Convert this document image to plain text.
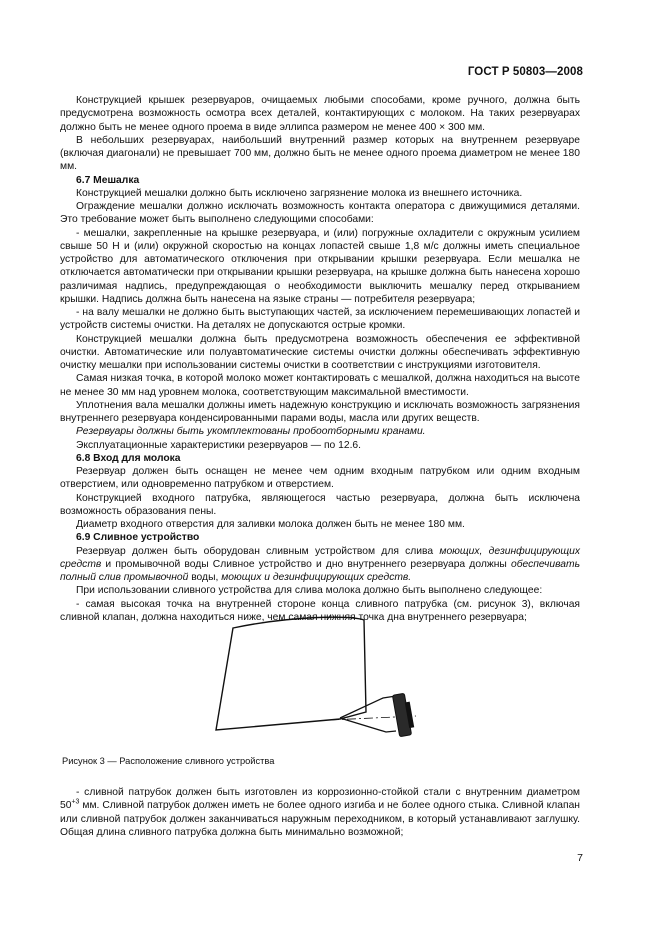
ГОСТ Р 50803—2008

Конструкцией крышек резервуаров, очищаемых любыми способами, кроме ручного, должна быть предусмотрена возможность осмотра всех деталей, контактирующих с молоком. На таких резервуарах должно быть не менее одного проема в виде эллипса размером не менее 400 × 300 мм.

В небольших резервуарах, наибольший внутренний размер которых на внутреннем резервуаре (включая диагонали) не превышает 700 мм, должно быть не менее одного проема диаметром не менее 180 мм.

6.7 Мешалка

Конструкцией мешалки должно быть исключено загрязнение молока из внешнего источника.

Ограждение мешалки должно исключать возможность контакта оператора с движущимися деталями. Это требование может быть выполнено следующими способами:

- мешалки, закрепленные на крышке резервуара, и (или) погружные охладители с окружным усилием свыше 50 Н и (или) окружной скоростью на концах лопастей свыше 1,8 м/с должны иметь специальное устройство для автоматического отключения при открывании крышки резервуара. Если мешалка не отключается автоматически при открывании крышки резервуара, на крышке должна быть нанесена хорошо различимая надпись, предупреждающая о необходимости выключить мешалку перед открыванием крышки. Надпись должна быть нанесена на языке страны — потребителя резервуара;

- на валу мешалки не должно быть выступающих частей, за исключением перемешивающих лопастей и устройств системы очистки. На деталях не допускаются острые кромки.

Конструкцией мешалки должна быть предусмотрена возможность обеспечения ее эффективной очистки. Автоматические или полуавтоматические системы очистки должны обеспечивать эффективную очистку мешалки при использовании системы очистки в соответствии с инструкциями изготовителя.

Самая низкая точка, в которой молоко может контактировать с мешалкой, должна находиться на высоте не менее 30 мм над уровнем молока, соответствующим максимальной вместимости.

Уплотнения вала мешалки должны иметь надежную конструкцию и исключать возможность загрязнения внутреннего резервуара конденсированными парами воды, масла или других веществ.

Резервуары должны быть укомплектованы пробоотборными кранами.

Эксплуатационные характеристики резервуаров — по 12.6.

6.8 Вход для молока

Резервуар должен быть оснащен не менее чем одним входным патрубком или одним входным отверстием, или одновременно патрубком и отверстием.

Конструкцией входного патрубка, являющегося частью резервуара, должна быть исключена возможность образования пены.

Диаметр входного отверстия для заливки молока должен быть не менее 180 мм.

6.9 Сливное устройство

Резервуар должен быть оборудован сливным устройством для слива моющих, дезинфицирующих средств и промывочной воды Сливное устройство и дно внутреннего резервуара должны обеспечивать полный слив промывочной воды, моющих и дезинфицирующих средств.

При использовании сливного устройства для слива молока должно быть выполнено следующее:

- самая высокая точка на внутренней стороне конца сливного патрубка (см. рисунок 3), включая сливной клапан, должна находиться ниже, чем самая нижняя точка дна внутреннего резервуара;

Рисунок 3 — Расположение сливного устройства

- сливной патрубок должен быть изготовлен из коррозионно-стойкой стали с внутренним диаметром $50^{+3}$ мм. Сливной патрубок должен иметь не более одного изгиба и не более одного стыка. Сливной клапан или сливной патрубок должен заканчиваться наружным переходником, в который устанавливают заглушку. Общая длина сливного патрубка должна быть минимально возможной;

7
